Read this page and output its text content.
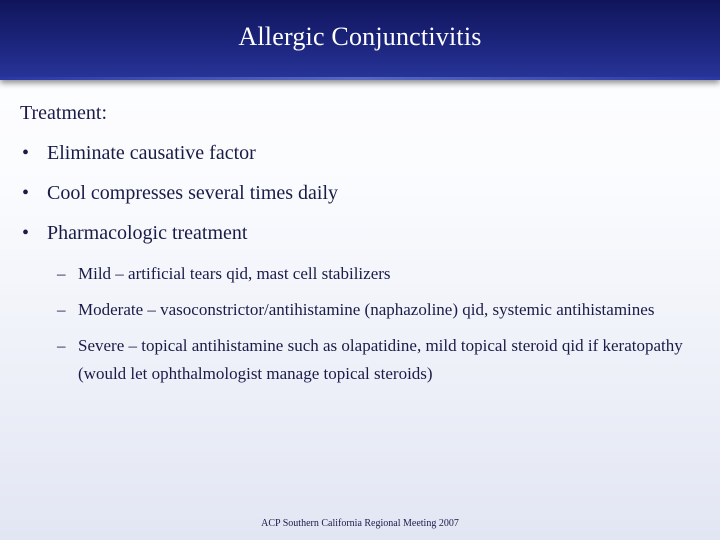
Allergic Conjunctivitis
Treatment:
• Eliminate causative factor
• Cool compresses several times daily
• Pharmacologic treatment
– Mild – artificial tears qid, mast cell stabilizers
– Moderate – vasoconstrictor/antihistamine (naphazoline) qid, systemic antihistamines
– Severe – topical antihistamine such as olapatidine, mild topical steroid qid if keratopathy (would let ophthalmologist manage topical steroids)
ACP Southern California Regional Meeting 2007
